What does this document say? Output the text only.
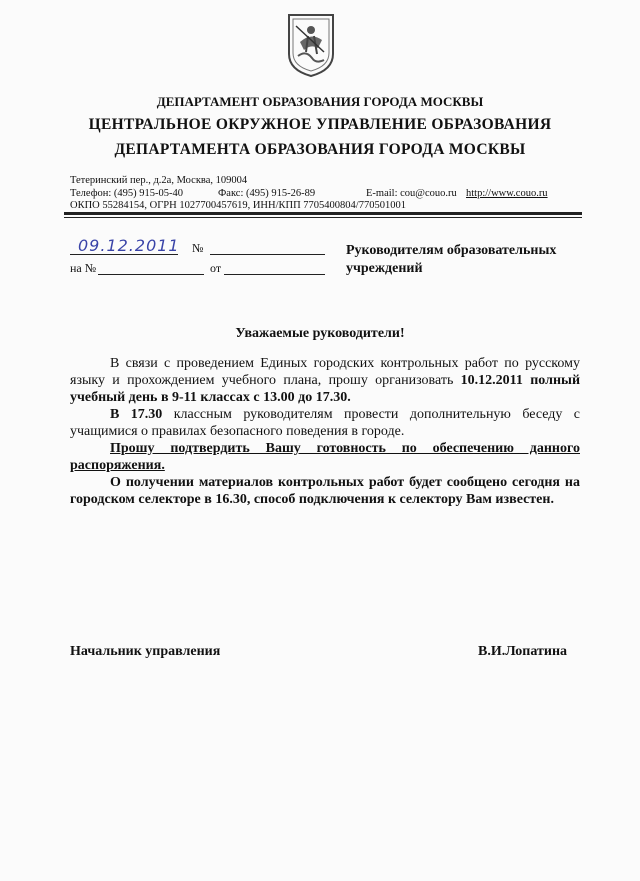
ДЕПАРТАМЕНТ ОБРАЗОВАНИЯ ГОРОДА МОСКВЫ
ЦЕНТРАЛЬНОЕ ОКРУЖНОЕ УПРАВЛЕНИЕ ОБРАЗОВАНИЯ
ДЕПАРТАМЕНТА ОБРАЗОВАНИЯ ГОРОДА МОСКВЫ
Тетеринский пер., д.2а, Москва, 109004
Телефон: (495) 915-05-40	Факс: (495) 915-26-89	E-mail: cou@couo.ru http://www.couo.ru
ОКПО 55284154, ОГРН 1027700457619, ИНН/КПП 7705400804/770501001
09.12.2011 №
на №	от
Руководителям образовательных учреждений
Уважаемые руководители!

В связи с проведением Единых городских контрольных работ по русскому языку и прохождением учебного плана, прошу организовать 10.12.2011 полный учебный день в 9-11 классах с 13.00 до 17.30.

В 17.30 классным руководителям провести дополнительную беседу с учащимися о правилах безопасного поведения в городе.

Прошу подтвердить Вашу готовность по обеспечению данного распоряжения.

О получении материалов контрольных работ будет сообщено сегодня на городском селекторе в 16.30, способ подключения к селектору Вам известен.

Начальник управления	В.И.Лопатина
